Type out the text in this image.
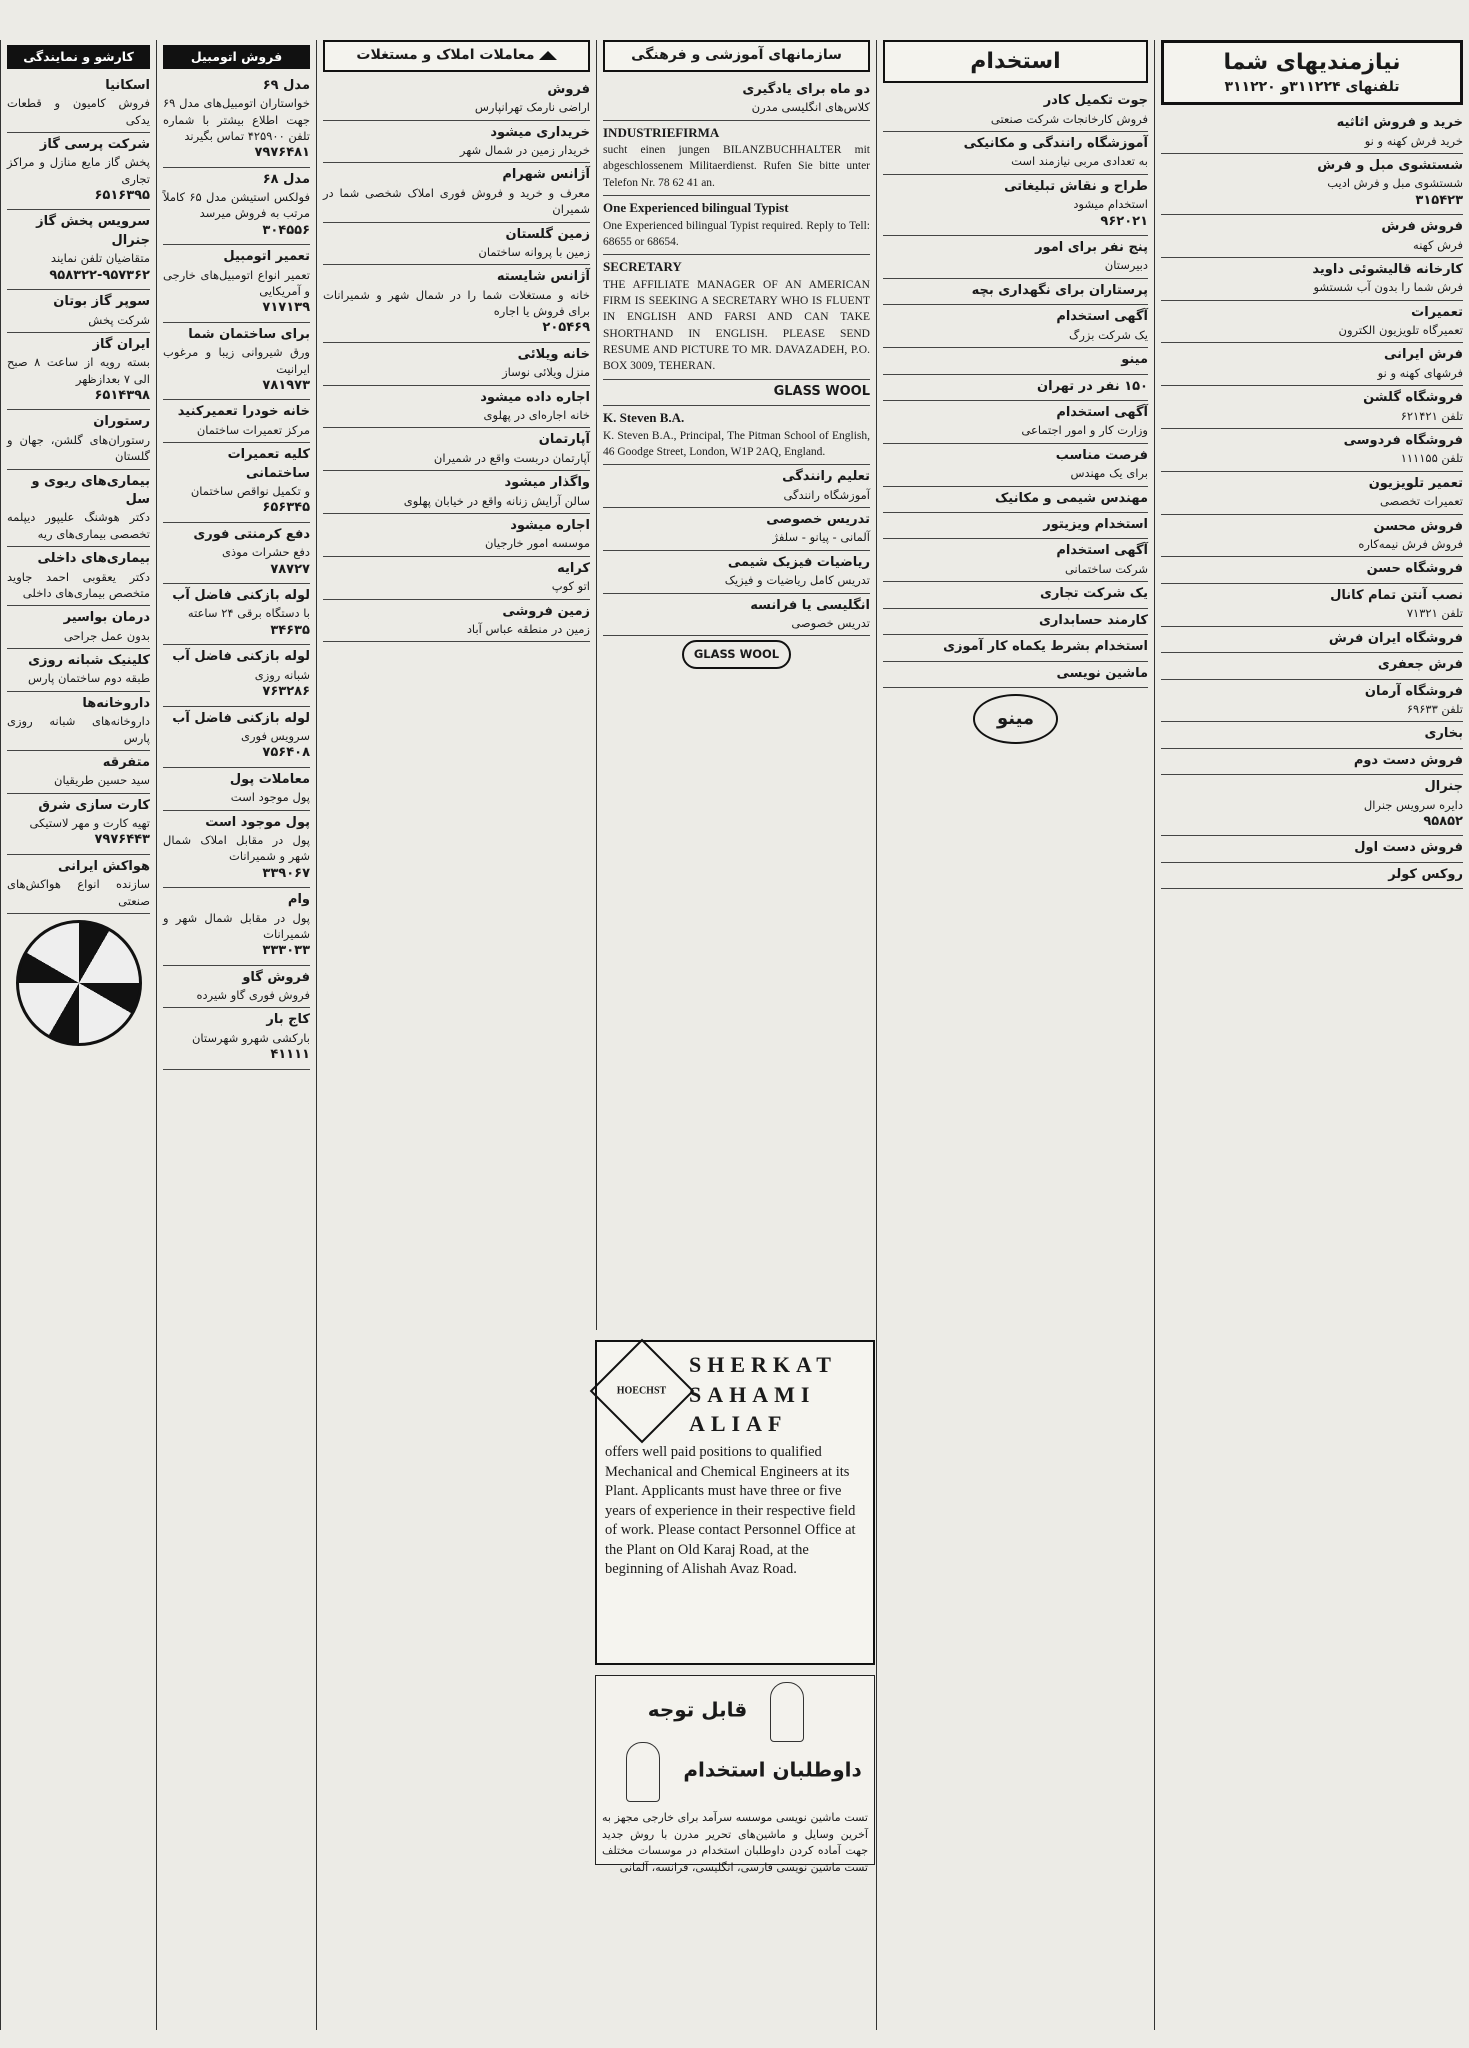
نیازمندیهای شما
تلفنهای ۳۱۱۲۲۴و ۳۱۱۲۲۰
خرید و فروش اثاثیه
خرید فرش کهنه و نو
شستشوی مبل و فرش
شستشوی مبل و فرش ادیب
۳۱۵۴۲۳
فروش فرش
فرش کهنه
کارخانه قالیشوئی داوید
فرش شما را بدون آب شستشو
تعمیرات
تعمیرگاه تلویزیون الکترون
فرش ایرانی
فرشهای کهنه و نو
فروشگاه گلشن
تلفن ۶۲۱۴۲۱
فروشگاه فردوسی
تلفن ۱۱۱۱۵۵
تعمیر تلویزیون
تعمیرات تخصصی
فروش محسن
فروش فرش نیمه‌کاره
فروشگاه حسن
نصب آنتن تمام کانال
تلفن ۷۱۳۲۱
فروشگاه ایران فرش
فرش جعفری
فروشگاه آرمان
تلفن ۶۹۶۳۳
بخاری
فروش دست دوم
جنرال
دایره سرویس جنرال
۹۵۸۵۲
فروش دست اول
روکس کولر
استخدام
جوت تکمیل کادر
فروش کارخانجات شرکت صنعتی
آموزشگاه رانندگی و مکانیکی
به تعدادی مربی نیازمند است
طراح و نقاش تبلیغاتی
استخدام میشود
۹۶۲۰۲۱
پنج نفر برای امور
دبیرستان
پرستاران برای نگهداری بچه
آگهی استخدام
یک شرکت بزرگ
مینو
۱۵۰ نفر در تهران
آگهی استخدام
وزارت کار و امور اجتماعی
فرصت مناسب
برای یک مهندس
مهندس شیمی و مکانیک
استخدام ویزیتور
آگهی استخدام
شرکت ساختمانی
یک شرکت تجاری
کارمند حسابداری
استخدام بشرط یکماه کار آموزی
ماشین نویسی
مینو
سازمانهای آموزشی و فرهنگی
دو ماه برای یادگیری
کلاس‌های انگلیسی مدرن
INDUSTRIEFIRMA
sucht einen jungen BILANZBUCHHALTER mit abgeschlossenem Militaerdienst. Rufen Sie bitte unter Telefon Nr. 78 62 41 an.
One Experienced bilingual Typist
One Experienced bilingual Typist required. Reply to Tell: 68655 or 68654.
SECRETARY
THE AFFILIATE MANAGER OF AN AMERICAN FIRM IS SEEKING A SECRETARY WHO IS FLUENT IN ENGLISH AND FARSI AND CAN TAKE SHORTHAND IN ENGLISH. PLEASE SEND RESUME AND PICTURE TO MR. DAVAZADEH, P.O. BOX 3009, TEHERAN.
GLASS WOOL
K. Steven B.A.
K. Steven B.A., Principal, The Pitman School of English, 46 Goodge Street, London, W1P 2AQ, England.
تعلیم رانندگی
آموزشگاه رانندگی
تدریس خصوصی
آلمانی - پیانو - سلفژ
ریاضیات فیزیک شیمی
تدریس کامل ریاضیات و فیزیک
انگلیسی یا فرانسه
تدریس خصوصی
GLASS WOOL
معاملات املاک و مستغلات
فروش
اراضی نارمک تهرانپارس
خریداری میشود
خریدار زمین در شمال شهر
آژانس شهرام
معرف و خرید و فروش فوری املاک شخصی شما در شمیران
زمین گلستان
زمین با پروانه ساختمان
آژانس شایسته
خانه و مستغلات شما را در شمال شهر و شمیرانات برای فروش یا اجاره
۲۰۵۴۶۹
خانه ویلائی
منزل ویلائی نوساز
اجاره داده میشود
خانه اجاره‌ای در پهلوی
آپارتمان
آپارتمان دربست واقع در شمیران
واگذار میشود
سالن آرایش زنانه واقع در خیابان پهلوی
اجاره میشود
موسسه امور خارجیان
کرایه
اتو کوپ
زمین فروشی
زمین در منطقه عباس آباد
فروش اتومبیل
مدل ۶۹
خواستاران اتومبیل‌های مدل ۶۹ جهت اطلاع بیشتر با شماره تلفن ۴۲۵۹۰۰ تماس بگیرند
۷۹۷۶۴۸۱
مدل ۶۸
فولکس استیشن مدل ۶۵ کاملاً مرتب به فروش میرسد
۳۰۴۵۵۶
تعمیر اتومبیل
تعمیر انواع اتومبیل‌های خارجی و آمریکایی
۷۱۷۱۳۹
برای ساختمان شما
ورق شیروانی زیبا و مرغوب ایرانیت
۷۸۱۹۷۳
خانه خودرا تعمیرکنید
مرکز تعمیرات ساختمان
کلیه تعمیرات ساختمانی
و تکمیل نواقص ساختمان
۶۵۶۳۴۵
دفع کرمنتی فوری
دفع حشرات موذی
۷۸۷۲۷
لوله بازکنی فاضل آب
با دستگاه برقی ۲۴ ساعته
۳۴۶۳۵
لوله بازکنی فاضل آب
شبانه روزی
۷۶۳۲۸۶
لوله بازکنی فاضل آب
سرویس فوری
۷۵۶۴۰۸
معاملات پول
پول موجود است
پول موجود است
پول در مقابل املاک شمال شهر و شمیرانات
۳۳۹۰۶۷
وام
پول در مقابل شمال شهر و شمیرانات
۳۳۳۰۳۳
فروش گاو
فروش فوری گاو شیرده
کاج بار
بارکشی شهرو شهرستان
۴۱۱۱۱
کارشو و نمایندگی
اسکانیا
فروش کامیون و قطعات یدکی
شرکت پرسی گاز
پخش گاز مایع منازل و مراکز تجاری
۶۵۱۶۳۹۵
سرویس پخش گاز جنرال
متقاضیان تلفن نمایند
۹۵۸۳۲۲-۹۵۷۳۶۲
سوپر گاز بوتان
شرکت پخش
ایران گاز
بسته رویه از ساعت ۸ صبح الی ۷ بعدازظهر
۶۵۱۴۳۹۸
رستوران
رستوران‌های گلشن، جهان و گلستان
بیماری‌های ریوی و سل
دکتر هوشنگ علیپور دیپلمه تخصصی بیماری‌های ریه
بیماری‌های داخلی
دکتر یعقوبی احمد جاوید متخصص بیماری‌های داخلی
درمان بواسیر
بدون عمل جراحی
کلینیک شبانه روزی
طبقه دوم ساختمان پارس
داروخانه‌ها
داروخانه‌های شبانه روزی پارس
متفرقه
سید حسین طریقیان
کارت سازی شرق
تهیه کارت و مهر لاستیکی
۷۹۷۶۴۴۳
هواکش ایرانی
سازنده انواع هواکش‌های صنعتی
HOECHST
SHERKAT SAHAMI ALIAF
offers well paid positions to qualified Mechanical and Chemical Engineers at its Plant. Applicants must have three or five years of experience in their respective field of work. Please contact Personnel Office at the Plant on Old Karaj Road, at the beginning of Alishah Avaz Road.
قابل توجه داوطلبان استخدام
تست ماشین نویسی موسسه سرآمد برای خارجی مجهز به آخرین وسایل و ماشین‌های تحریر مدرن با روش جدید جهت آماده کردن داوطلبان استخدام در موسسات مختلف تست ماشین نویسی فارسی، انگلیسی، فرانسه، آلمانی
